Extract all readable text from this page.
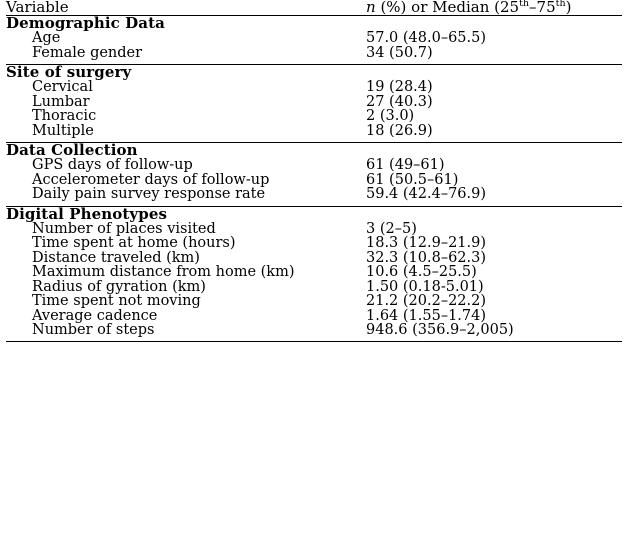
Variable	n (%) or Median (25th–75th)

Demographic Data	
Age	57.0 (48.0–65.5)
Female gender	34 (50.7)

Site of surgery	
Cervical	19 (28.4)
Lumbar	27 (40.3)
Thoracic	2 (3.0)
Multiple	18 (26.9)

Data Collection	
GPS days of follow-up	61 (49–61)
Accelerometer days of follow-up	61 (50.5–61)
Daily pain survey response rate	59.4 (42.4–76.9)

Digital Phenotypes	
Number of places visited	3 (2–5)
Time spent at home (hours)	18.3 (12.9–21.9)
Distance traveled (km)	32.3 (10.8–62.3)
Maximum distance from home (km)	10.6 (4.5–25.5)
Radius of gyration (km)	1.50 (0.18-5.01)
Time spent not moving	21.2 (20.2–22.2)
Average cadence	1.64 (1.55–1.74)
Number of steps	948.6 (356.9–2,005)
